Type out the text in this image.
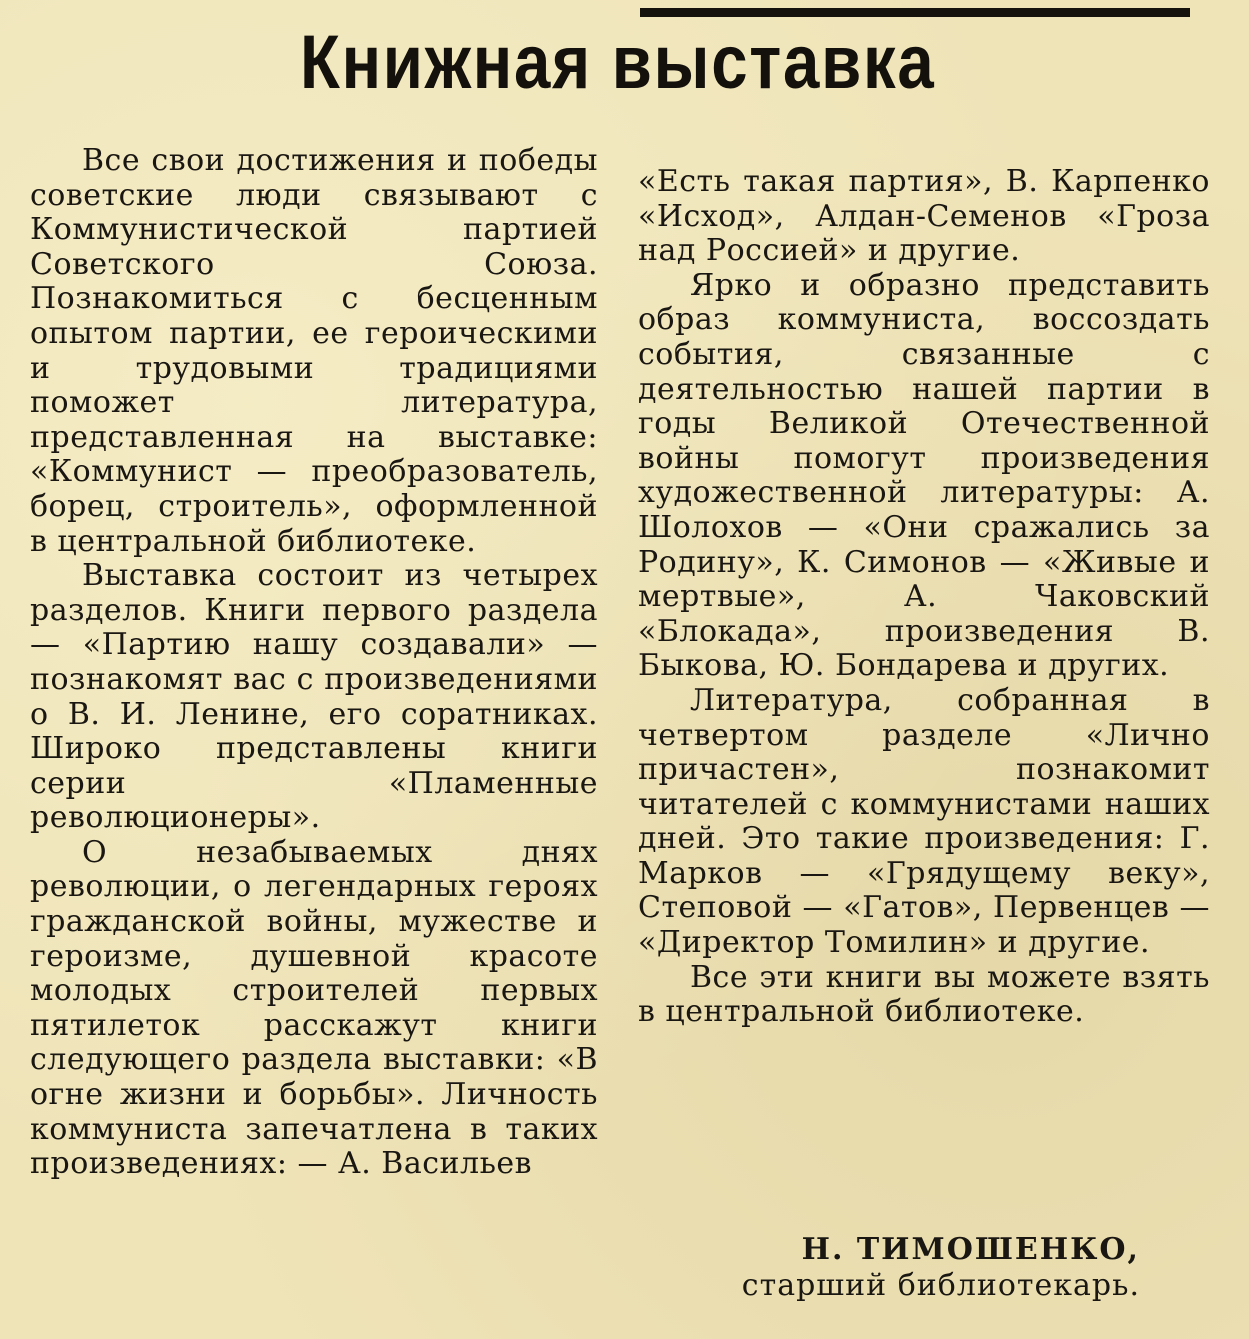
Книжная выставка

Все свои достижения и победы советские люди связывают с Коммунистической партией Советского Союза. Познакомиться с бесценным опытом партии, ее героическими и трудовыми традициями поможет литература, представленная на выставке: «Коммунист — преобразователь, борец, строитель», оформленной в центральной библиотеке.

Выставка состоит из четырех разделов. Книги первого раздела — «Партию нашу создавали» — познакомят вас с произведениями о В. И. Ленине, его соратниках. Широко представлены книги серии «Пламенные революционеры».

О незабываемых днях революции, о легендарных героях гражданской войны, мужестве и героизме, душевной красоте молодых строителей первых пятилеток расскажут книги следующего раздела выставки: «В огне жизни и борьбы». Личность коммуниста запечатлена в таких произведениях: — А. Васильев

«Есть такая партия», В. Карпенко «Исход», Алдан-Семенов «Гроза над Россией» и другие.

Ярко и образно представить образ коммуниста, воссоздать события, связанные с деятельностью нашей партии в годы Великой Отечественной войны помогут произведения художественной литературы: А. Шолохов — «Они сражались за Родину», К. Симонов — «Живые и мертвые», А. Чаковский «Блокада», произведения В. Быкова, Ю. Бондарева и других.

Литература, собранная в четвертом разделе «Лично причастен», познакомит читателей с коммунистами наших дней. Это такие произведения: Г. Марков — «Грядущему веку», Степовой — «Гатов», Первенцев — «Директор Томилин» и другие.

Все эти книги вы можете взять в центральной библиотеке.

Н. ТИМОШЕНКО,
старший библиотекарь.
